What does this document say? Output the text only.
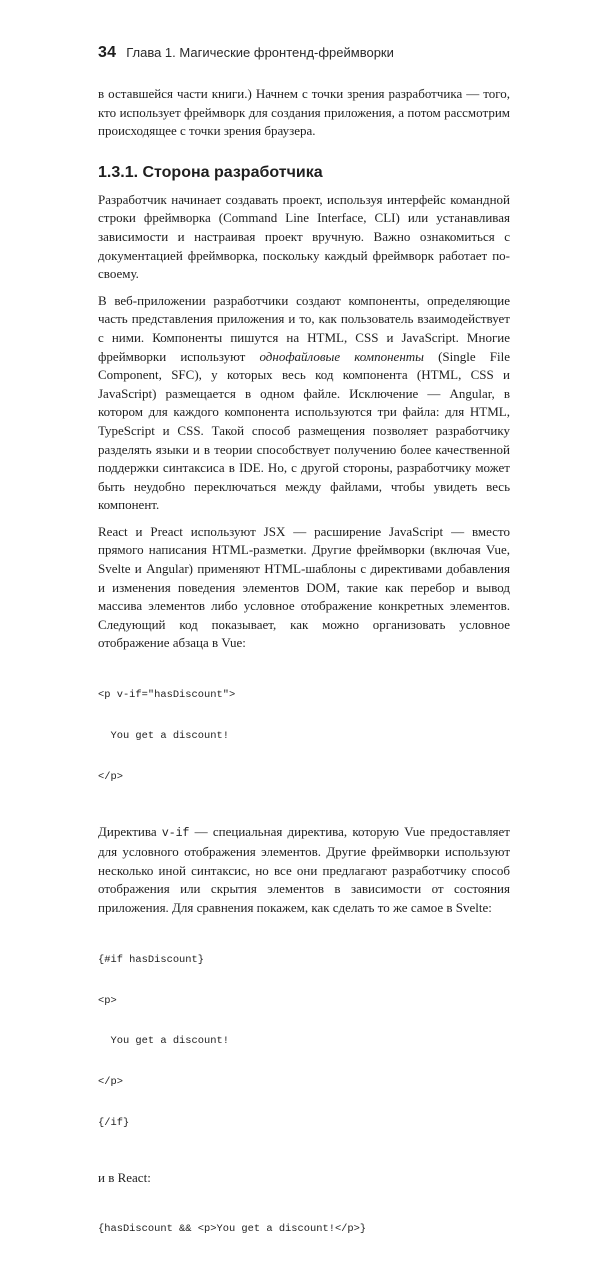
34 Глава 1. Магические фронтенд-фреймворки

в оставшейся части книги.) Начнем с точки зрения разработчика — того, кто использует фреймворк для создания приложения, а потом рассмотрим происходящее с точки зрения браузера.

1.3.1. Сторона разработчика

Разработчик начинает создавать проект, используя интерфейс командной строки фреймворка (Command Line Interface, CLI) или устанавливая зависимости и настраивая проект вручную. Важно ознакомиться с документацией фреймворка, поскольку каждый фреймворк работает по-своему.

В веб-приложении разработчики создают компоненты, определяющие часть представления приложения и то, как пользователь взаимодействует с ними. Компоненты пишутся на HTML, CSS и JavaScript. Многие фреймворки используют однофайловые компоненты (Single File Component, SFC), у которых весь код компонента (HTML, CSS и JavaScript) размещается в одном файле. Исключение — Angular, в котором для каждого компонента используются три файла: для HTML, TypeScript и CSS. Такой способ размещения позволяет разработчику разделять языки и в теории способствует получению более качественной поддержки синтаксиса в IDE. Но, с другой стороны, разработчику может быть неудобно переключаться между файлами, чтобы увидеть весь компонент.

React и Preact используют JSX — расширение JavaScript — вместо прямого написания HTML-разметки. Другие фреймворки (включая Vue, Svelte и Angular) применяют HTML-шаблоны с директивами добавления и изменения поведения элементов DOM, такие как перебор и вывод массива элементов либо условное отображение конкретных элементов. Следующий код показывает, как можно организовать условное отображение абзаца в Vue:

<p v-if="hasDiscount">

You get a discount!

</p>

Директива v-if — специальная директива, которую Vue предоставляет для условного отображения элементов. Другие фреймворки используют несколько иной синтаксис, но все они предлагают разработчику способ отображения или скрытия элементов в зависимости от состояния приложения. Для сравнения покажем, как сделать то же самое в Svelte:

{#if hasDiscount}

<p>

You get a discount!

</p>

{/if}

и в React:

{hasDiscount && <p>You get a discount!</p>}
